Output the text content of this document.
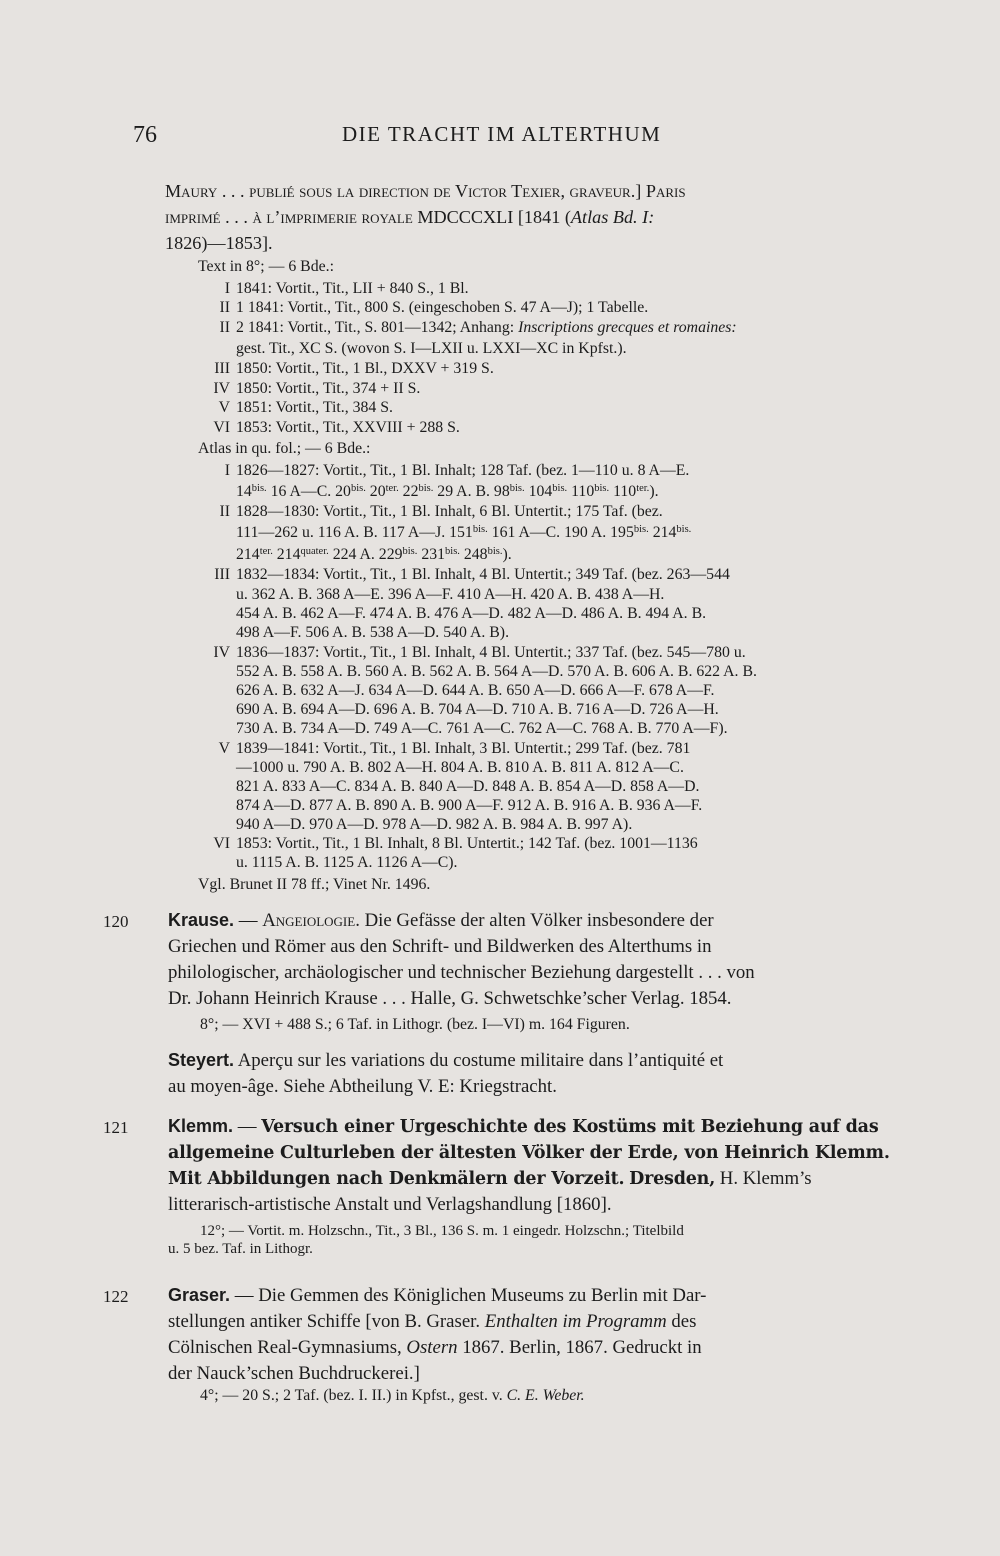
76	DIE TRACHT IM ALTERTHUM
Maury . . . publié sous la direction de Victor Texier, graveur.] Paris
imprimé . . . à l’imprimerie royale MDCCCXLI [1841 (Atlas Bd. I:
1826)—1853].
Text in 8°; — 6 Bde.:
I 1841: Vortit., Tit., LII + 840 S., 1 Bl.
II 1 1841: Vortit., Tit., 800 S. (eingeschoben S. 47 A—J); 1 Tabelle.
II 2 1841: Vortit., Tit., S. 801—1342; Anhang: Inscriptions grecques et romaines:
gest. Tit., XC S. (wovon S. I—LXII u. LXXI—XC in Kpfst.).
III 1850: Vortit., Tit., 1 Bl., DXXV + 319 S.
IV 1850: Vortit., Tit., 374 + II S.
V 1851: Vortit., Tit., 384 S.
VI 1853: Vortit., Tit., XXVIII + 288 S.
Atlas in qu. fol.; — 6 Bde.:
I 1826—1827: Vortit., Tit., 1 Bl. Inhalt; 128 Taf. (bez. 1—110 u. 8 A—E.
$14^{bis.}$ 16 A—C. $20^{bis.}$ $20^{ter.}$ $22^{bis.}$ 29 A. B. $98^{bis.}$ $104^{bis.}$ $110^{bis.}$ $110^{ter.}$).
II 1828—1830: Vortit., Tit., 1 Bl. Inhalt, 6 Bl. Untertit.; 175 Taf. (bez.
111—262 u. 116 A. B. 117 A—J. $151^{bis.}$ 161 A—C. 190 A. $195^{bis.}$ $214^{bis.}$
$214^{ter.}$ $214^{quater.}$ 224 A. $229^{bis.}$ $231^{bis.}$ $248^{bis.}$).
III 1832—1834: Vortit., Tit., 1 Bl. Inhalt, 4 Bl. Untertit.; 349 Taf. (bez. 263—544
u. 362 A. B. 368 A—E. 396 A—F. 410 A—H. 420 A. B. 438 A—H.
454 A. B. 462 A—F. 474 A. B. 476 A—D. 482 A—D. 486 A. B. 494 A. B.
498 A—F. 506 A. B. 538 A—D. 540 A. B).
IV 1836—1837: Vortit., Tit., 1 Bl. Inhalt, 4 Bl. Untertit.; 337 Taf. (bez. 545—780 u.
552 A. B. 558 A. B. 560 A. B. 562 A. B. 564 A—D. 570 A. B. 606 A. B. 622 A. B.
626 A. B. 632 A—J. 634 A—D. 644 A. B. 650 A—D. 666 A—F. 678 A—F.
690 A. B. 694 A—D. 696 A. B. 704 A—D. 710 A. B. 716 A—D. 726 A—H.
730 A. B. 734 A—D. 749 A—C. 761 A—C. 762 A—C. 768 A. B. 770 A—F).
V 1839—1841: Vortit., Tit., 1 Bl. Inhalt, 3 Bl. Untertit.; 299 Taf. (bez. 781
—1000 u. 790 A. B. 802 A—H. 804 A. B. 810 A. B. 811 A. 812 A—C.
821 A. 833 A—C. 834 A. B. 840 A—D. 848 A. B. 854 A—D. 858 A—D.
874 A—D. 877 A. B. 890 A. B. 900 A—F. 912 A. B. 916 A. B. 936 A—F.
940 A—D. 970 A—D. 978 A—D. 982 A. B. 984 A. B. 997 A).
VI 1853: Vortit., Tit., 1 Bl. Inhalt, 8 Bl. Untertit.; 142 Taf. (bez. 1001—1136
u. 1115 A. B. 1125 A. 1126 A—C).
Vgl. Brunet II 78 ff.; Vinet Nr. 1496.
120 Krause. — Angeiologie. Die Gefässe der alten Völker insbesondere der
Griechen und Römer aus den Schrift- und Bildwerken des Alterthums in
philologischer, archäologischer und technischer Beziehung dargestellt . . . von
Dr. Johann Heinrich Krause . . . Halle, G. Schwetschke’scher Verlag. 1854.
8°; — XVI + 488 S.; 6 Taf. in Lithogr. (bez. I—VI) m. 164 Figuren.
Steyert. Aperçu sur les variations du costume militaire dans l’antiquité et
au moyen-âge. Siehe Abtheilung V. E: Kriegstracht.
121 Klemm. — Versuch einer Urgeschichte des Kostüms mit Beziehung auf das
allgemeine Culturleben der ältesten Völker der Erde, von Heinrich Klemm.
Mit Abbildungen nach Denkmälern der Vorzeit. Dresden, H. Klemm’s
litterarisch-artistische Anstalt und Verlagshandlung [1860].
12°; — Vortit. m. Holzschn., Tit., 3 Bl., 136 S. m. 1 eingedr. Holzschn.; Titelbild
u. 5 bez. Taf. in Lithogr.
122 Graser. — Die Gemmen des Königlichen Museums zu Berlin mit Dar-
stellungen antiker Schiffe [von B. Graser. Enthalten im Programm des
Cölnischen Real-Gymnasiums, Ostern 1867. Berlin, 1867. Gedruckt in
der Nauck’schen Buchdruckerei.]
4°; — 20 S.; 2 Taf. (bez. I. II.) in Kpfst., gest. v. C. E. Weber.
